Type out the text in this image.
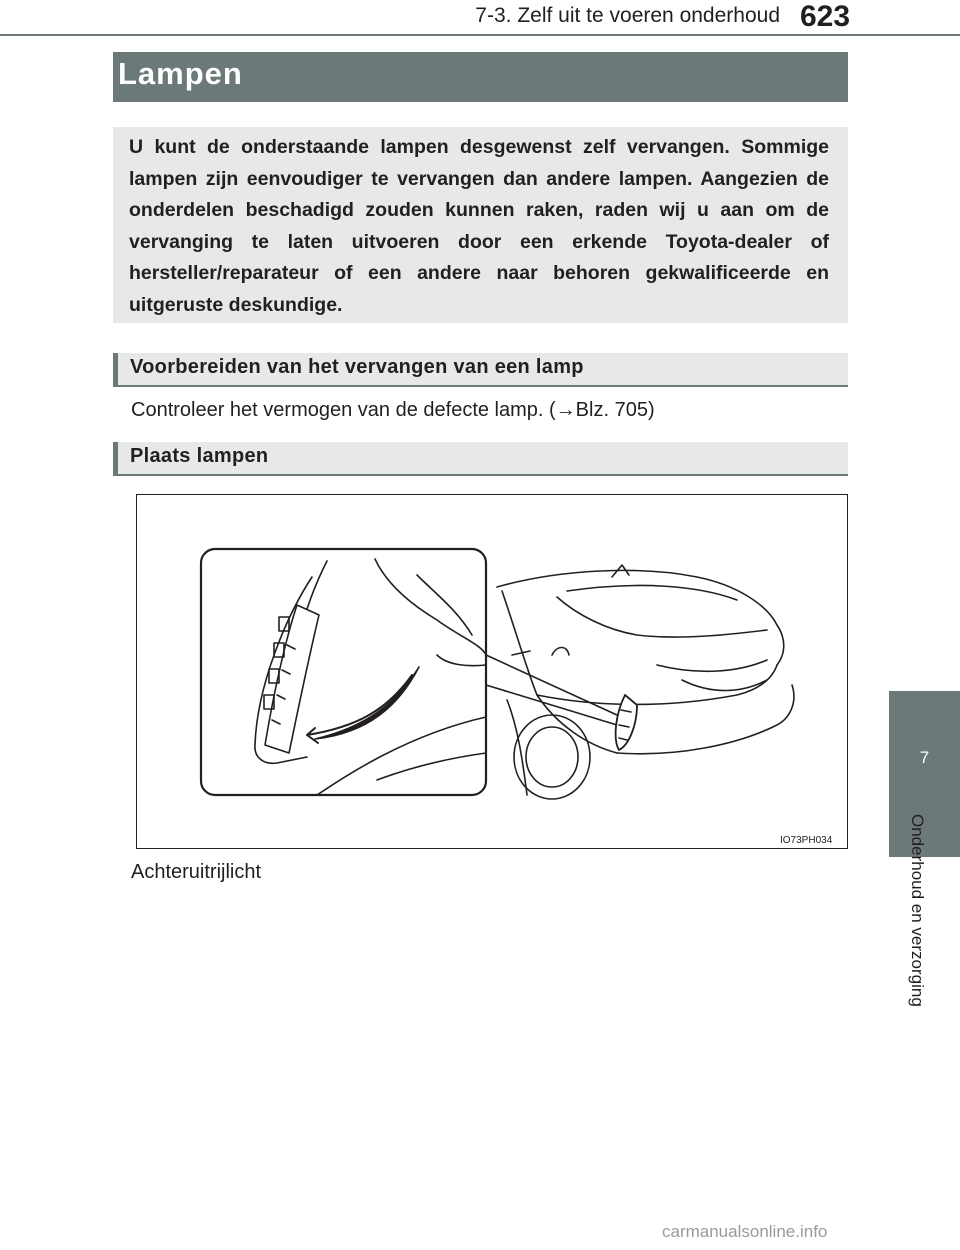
7-3. Zelf uit te voeren onderhoud 623
7
Onderhoud en verzorging
Lampen
U kunt de onderstaande lampen desgewenst zelf vervangen. Sommige lampen zijn eenvoudiger te vervangen dan andere lampen. Aangezien de onderdelen beschadigd zouden kunnen raken, raden wij u aan om de vervanging te laten uitvoeren door een erkende Toyota-dealer of hersteller/reparateur of een andere naar behoren gekwalificeerde en uitgeruste deskundige.
Voorbereiden van het vervangen van een lamp
Controleer het vermogen van de defecte lamp. (→Blz. 705)
Plaats lampen
IO73PH034
Achteruitrijlicht
carmanualsonline.info
